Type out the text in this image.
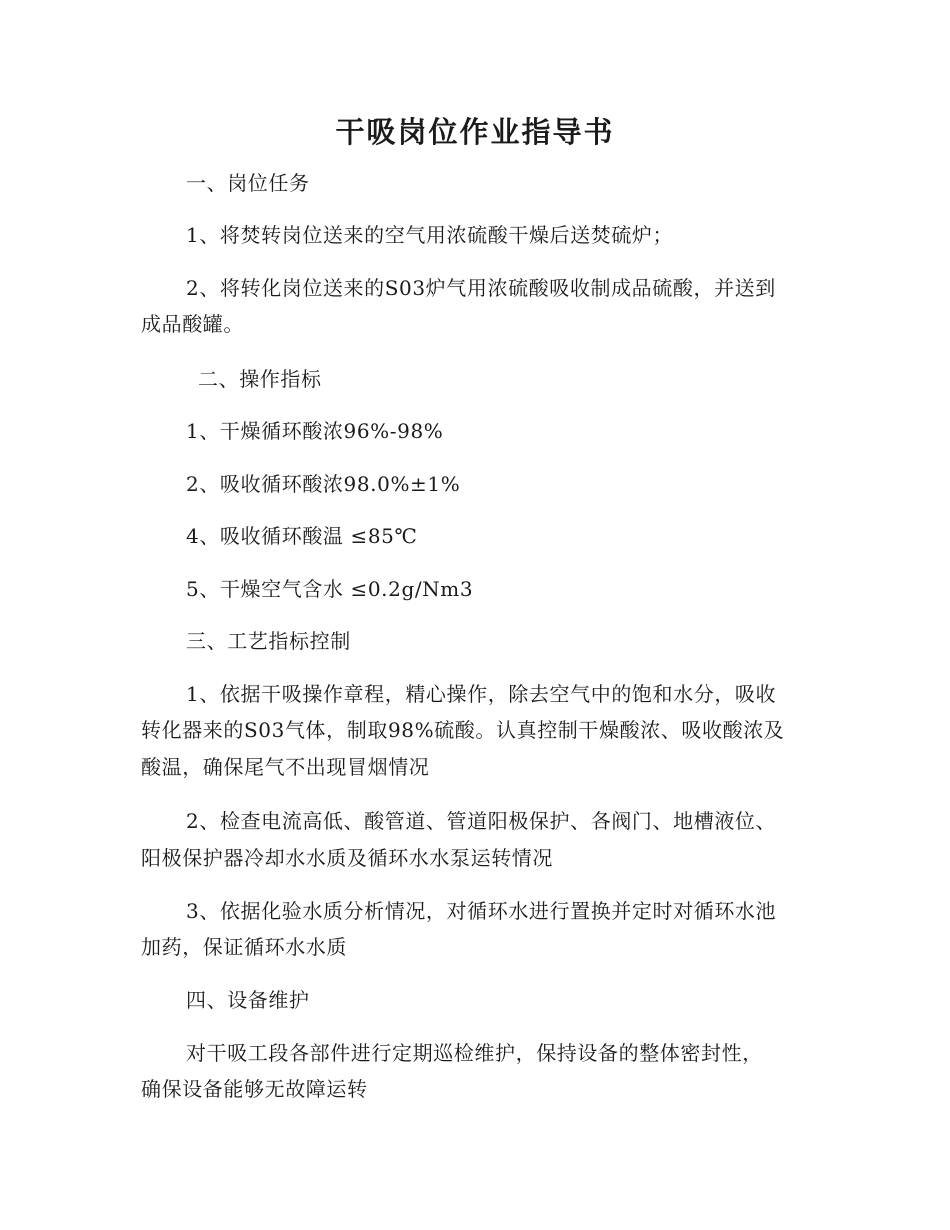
干吸岗位作业指导书

一、岗位任务

1、将焚转岗位送来的空气用浓硫酸干燥后送焚硫炉；

2、将转化岗位送来的S03炉气用浓硫酸吸收制成品硫酸，并送到

成品酸罐。

二、操作指标

1、干燥循环酸浓96%-98%

2、吸收循环酸浓98.0%±1%

4、吸收循环酸温 ≤85℃

5、干燥空气含水 ≤0.2g/Nm3

三、工艺指标控制

1、依据干吸操作章程，精心操作，除去空气中的饱和水分，吸收

转化器来的S03气体，制取98%硫酸。认真控制干燥酸浓、吸收酸浓及

酸温，确保尾气不出现冒烟情况

2、检查电流高低、酸管道、管道阳极保护、各阀门、地槽液位、

阳极保护器冷却水水质及循环水水泵运转情况

3、依据化验水质分析情况，对循环水进行置换并定时对循环水池

加药，保证循环水水质

四、设备维护

对干吸工段各部件进行定期巡检维护，保持设备的整体密封性，

确保设备能够无故障运转
